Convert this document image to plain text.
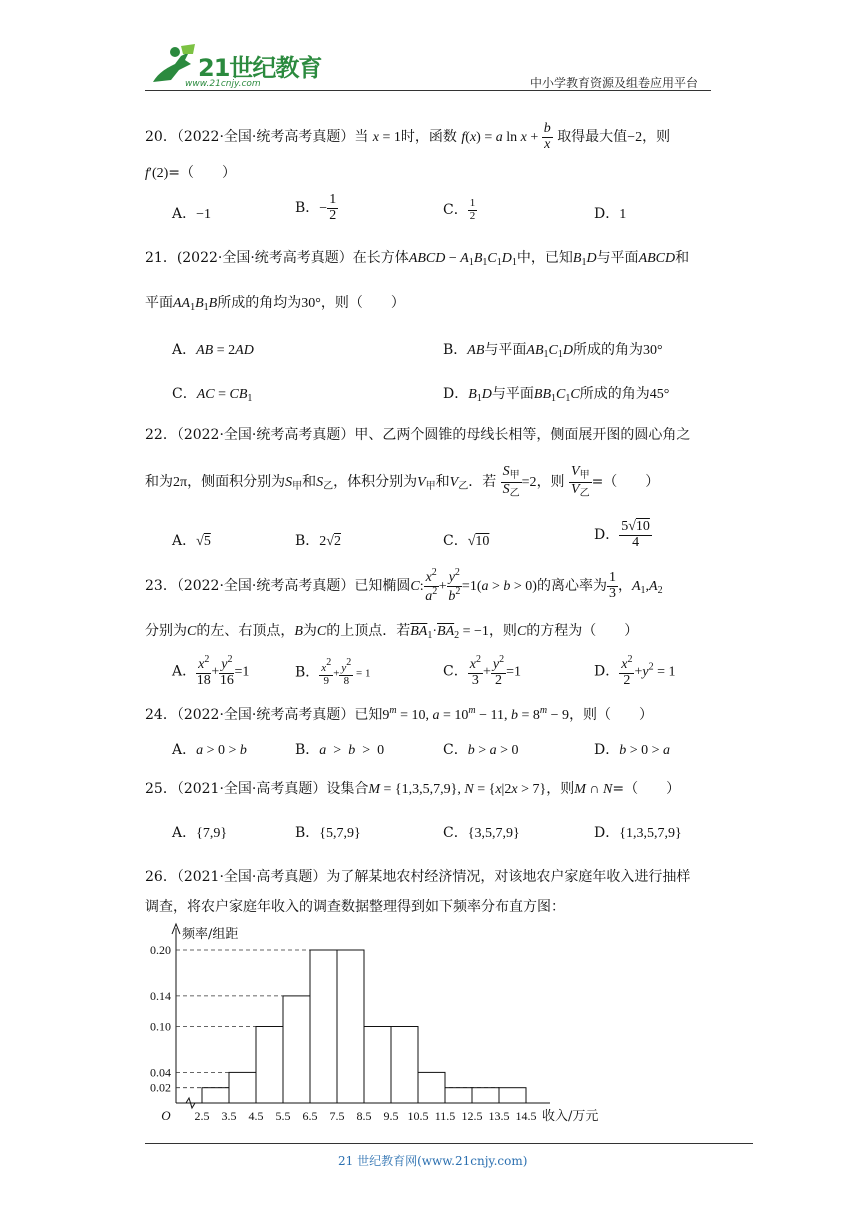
21世纪教育
www.21cnjy.com	中小学教育资源及组卷应用平台
20．（2022·全国·统考高考真题）当 x = 1时，函数 f(x) = a $\ln x + \frac{b}{x}$ 取得最大值−2，则
f′(2)=（　　）
A．−1	B．− $\frac{1}{2}$	C． $\frac{1}{2}$	D．1
21．(2022·全国·统考高考真题）在长方体ABCD − $A_1B_1C_1D_1$中，已知$B_1D$与平面ABCD和
平面$AA_1B_1B$所成的角均为30°，则（　　）
A．AB = 2AD	B．AB与平面$AB_1C_1D$所成的角为30°
C．AC = $CB_1$	D．$B_1D$与平面$BB_1C_1C$所成的角为45°
22．（2022·全国·统考高考真题）甲、乙两个圆锥的母线长相等，侧面展开图的圆心角之
和为2π，侧面积分别为$S_甲$和$S_乙$，体积分别为$V_甲$和$V_乙$．若 $\frac{S_甲}{S_乙} =2$，则 $\frac{V_甲}{V_乙}$ =（　　）
A．√5	B．2√2	C．√10	D． $\frac{5√10}{4}$
23．（2022·全国·统考高考真题）已知椭圆C: $\frac{x^2}{a^2} + \frac{y^2}{b^2} =1(a > b > 0)$的离心率为 $\frac{1}{3}$ ，$A_1,A_2$
分别为C的左、右顶点，B为C的上顶点．若$\overline{BA}_1\cdot\overline{BA}_2 = -1$，则C的方程为（　　）
A． $\frac{x^2}{18} + \frac{y^2}{16} =1$	B． $\frac{x2}{9} + \frac{y2}{8} = 1$	C． $\frac{x^2}{3} + \frac{y^2}{2} =1$	D． $\frac{x^2}{2} +y^2 = 1$
24．（2022·全国·统考高考真题）已知$9^m = 10$, $a = 10^m - 11$, $b = 8^m - 9$，则（　　）
A．a > 0 > b	B．a > b > 0	C．b > a > 0	D．b > 0 > a
25．（2021·全国·高考真题）设集合M = {1,3,5,7,9}, N = {x|2x > 7}，则M ∩ N=（　　）
A．{7,9}	B．{5,7,9}	C．{3,5,7,9}	D．{1,3,5,7,9}
26．（2021·全国·高考真题）为了解某地农村经济情况，对该地农户家庭年收入进行抽样
调查，将农户家庭年收入的调查数据整理得到如下频率分布直方图：
0.20
0.14
0.10
0.04
0.02
2.5 3.5 4.5 5.5 6.5 7.5 8.5 9.5 10.5 11.5 12.5 13.5 14.5
O
频率/组距
收入/万元
21 世纪教育网(www.21cnjy.com)
